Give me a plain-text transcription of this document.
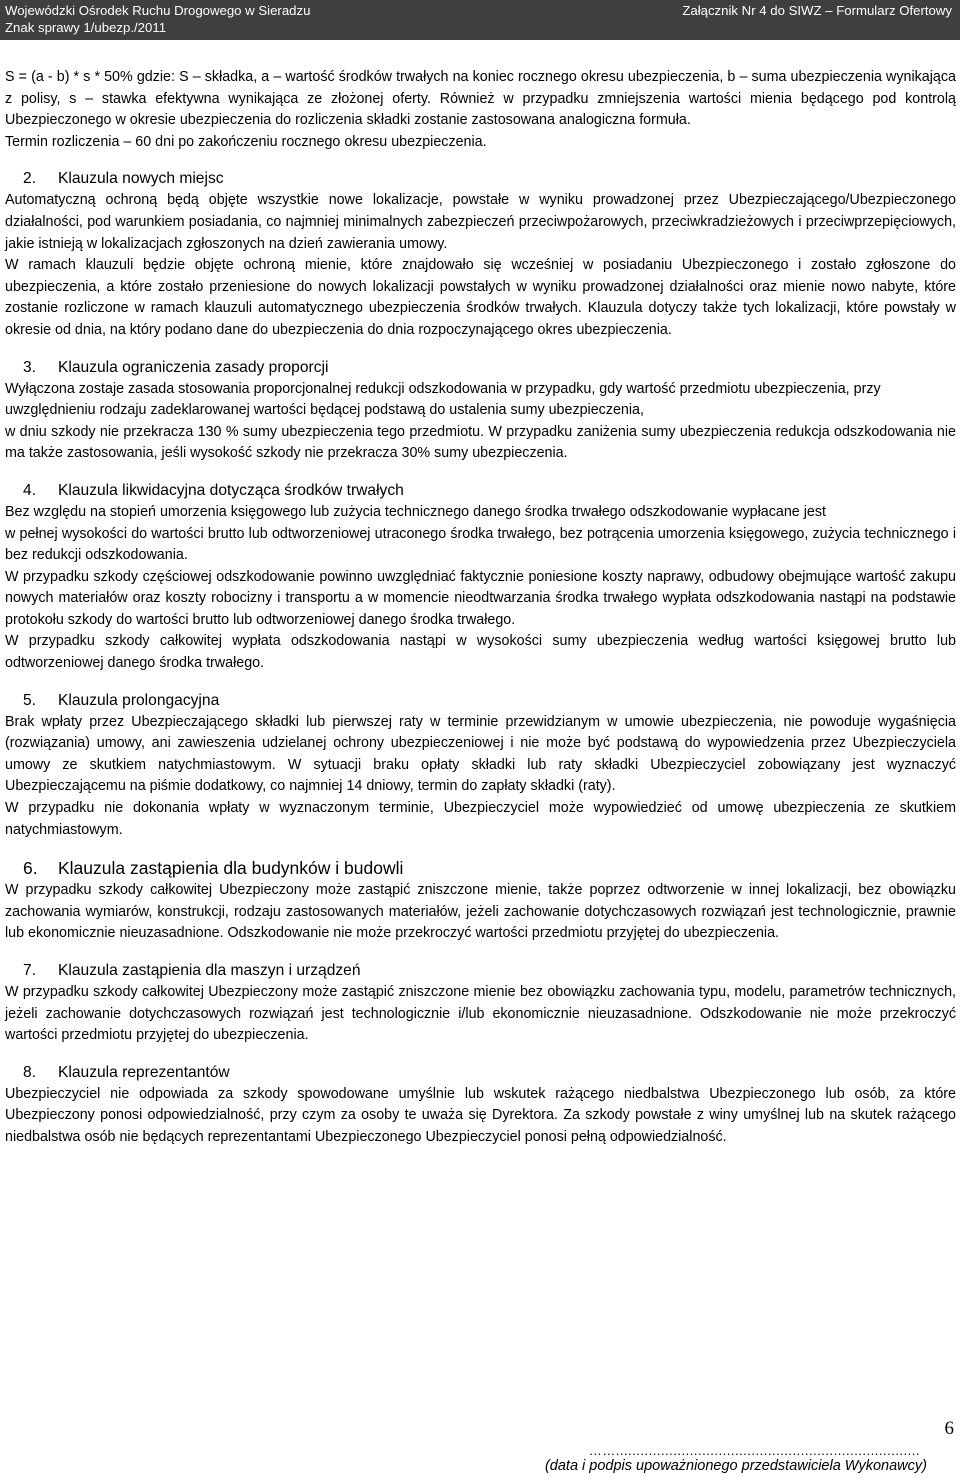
Wojewódzki Ośrodek Ruchu Drogowego w Sieradzu
Znak sprawy 1/ubezp./2011
Załącznik Nr 4 do SIWZ – Formularz Ofertowy

S = (a - b) * s * 50% gdzie: S – składka, a – wartość środków trwałych na koniec rocznego okresu ubezpieczenia, b – suma ubezpieczenia wynikająca z polisy, s – stawka efektywna wynikająca ze złożonej oferty. Również w przypadku zmniejszenia wartości mienia będącego pod kontrolą Ubezpieczonego w okresie ubezpieczenia do rozliczenia składki zostanie zastosowana analogiczna formuła.

Termin rozliczenia – 60 dni po zakończeniu rocznego okresu ubezpieczenia.

2. Klauzula nowych miejsc

Automatyczną ochroną będą objęte wszystkie nowe lokalizacje, powstałe w wyniku prowadzonej przez Ubezpieczającego/Ubezpieczonego działalności, pod warunkiem posiadania, co najmniej minimalnych zabezpieczeń przeciwpożarowych, przeciwkradzieżowych i przeciwprzepięciowych, jakie istnieją w lokalizacjach zgłoszonych na dzień zawierania umowy.

W ramach klauzuli będzie objęte ochroną mienie, które znajdowało się wcześniej w posiadaniu Ubezpieczonego i zostało zgłoszone do ubezpieczenia, a które zostało przeniesione do nowych lokalizacji powstałych w wyniku prowadzonej działalności oraz mienie nowo nabyte, które zostanie rozliczone w ramach klauzuli automatycznego ubezpieczenia środków trwałych. Klauzula dotyczy także tych lokalizacji, które powstały w okresie od dnia, na który podano dane do ubezpieczenia do dnia rozpoczynającego okres ubezpieczenia.

3. Klauzula ograniczenia zasady proporcji

Wyłączona zostaje zasada stosowania proporcjonalnej redukcji odszkodowania w przypadku, gdy wartość przedmiotu ubezpieczenia, przy uwzględnieniu rodzaju zadeklarowanej wartości będącej podstawą do ustalenia sumy ubezpieczenia,

w dniu szkody nie przekracza 130 % sumy ubezpieczenia tego przedmiotu. W przypadku zaniżenia sumy ubezpieczenia redukcja odszkodowania nie ma także zastosowania, jeśli wysokość szkody nie przekracza 30% sumy ubezpieczenia.

4. Klauzula likwidacyjna dotycząca środków trwałych

Bez względu na stopień umorzenia księgowego lub zużycia technicznego danego środka trwałego odszkodowanie wypłacane jest

w pełnej wysokości do wartości brutto lub odtworzeniowej utraconego środka trwałego, bez potrącenia umorzenia księgowego, zużycia technicznego i bez redukcji odszkodowania.

W przypadku szkody częściowej odszkodowanie powinno uwzględniać faktycznie poniesione koszty naprawy, odbudowy obejmujące wartość zakupu nowych materiałów oraz koszty robocizny i transportu a w momencie nieodtwarzania środka trwałego wypłata odszkodowania nastąpi na podstawie protokołu szkody do wartości brutto lub odtworzeniowej danego środka trwałego.

W przypadku szkody całkowitej wypłata odszkodowania nastąpi w wysokości sumy ubezpieczenia według wartości księgowej brutto lub odtworzeniowej danego środka trwałego.

5. Klauzula prolongacyjna

Brak wpłaty przez Ubezpieczającego składki lub pierwszej raty w terminie przewidzianym w umowie ubezpieczenia, nie powoduje wygaśnięcia (rozwiązania) umowy, ani zawieszenia udzielanej ochrony ubezpieczeniowej i nie może być podstawą do wypowiedzenia przez Ubezpieczyciela umowy ze skutkiem natychmiastowym. W sytuacji braku opłaty składki lub raty składki Ubezpieczyciel zobowiązany jest wyznaczyć Ubezpieczającemu na piśmie dodatkowy, co najmniej 14 dniowy, termin do zapłaty składki (raty).

W przypadku nie dokonania wpłaty w wyznaczonym terminie, Ubezpieczyciel może wypowiedzieć od umowę ubezpieczenia ze skutkiem natychmiastowym.

6. Klauzula zastąpienia dla budynków i budowli

W przypadku szkody całkowitej Ubezpieczony może zastąpić zniszczone mienie, także poprzez odtworzenie w innej lokalizacji, bez obowiązku zachowania wymiarów, konstrukcji, rodzaju zastosowanych materiałów, jeżeli zachowanie dotychczasowych rozwiązań jest technologicznie, prawnie lub ekonomicznie nieuzasadnione. Odszkodowanie nie może przekroczyć wartości przedmiotu przyjętej do ubezpieczenia.

7. Klauzula zastąpienia dla maszyn i urządzeń

W przypadku szkody całkowitej Ubezpieczony może zastąpić zniszczone mienie bez obowiązku zachowania typu, modelu, parametrów technicznych, jeżeli zachowanie dotychczasowych rozwiązań jest technologicznie i/lub ekonomicznie nieuzasadnione. Odszkodowanie nie może przekroczyć wartości przedmiotu przyjętej do ubezpieczenia.

8. Klauzula reprezentantów

Ubezpieczyciel nie odpowiada za szkody spowodowane umyślnie lub wskutek rażącego niedbalstwa Ubezpieczonego lub osób, za które Ubezpieczony ponosi odpowiedzialność, przy czym za osoby te uważa się Dyrektora. Za szkody powstałe z winy umyślnej lub na skutek rażącego niedbalstwa osób nie będących reprezentantami Ubezpieczonego Ubezpieczyciel ponosi pełną odpowiedzialność.

6
……..........................................................................
(data i podpis upoważnionego przedstawiciela Wykonawcy)
